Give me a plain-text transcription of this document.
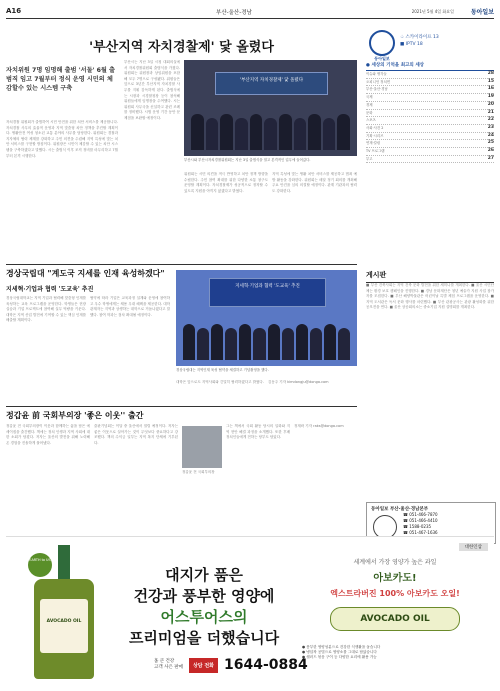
A16	부산-울산-경남	2021년 5월 4일 화요일	동아일보
'부산지역 자치경찰제' 닻 올렸다
자치위원 7명 임명해 출범 '서둘' 6월 출범직 임고 7월부터 정식 운영 시민의 체감할수 있는 시스템 구축
자치경찰 위원회가 출범하여 시민 안전을 위한 치안 서비스를 제공합니다. 자치경찰 사무의 효율적 운영과 지역 맞춤형 치안 정책을 추진할 계획이다. 생활안전 여성 청소년 교통 분야의 사무를 담당한다. 위원회는 경찰과 지자체의 협력 체계를 강화하고 주민 의견을 수렴해 지역 특성에 맞는 치안 서비스를 구현할 방침이다. 위원장은 시민이 체감할 수 있는 치안 시스템을 구축하겠다고 말했다. 시는 출범식 이후 조직 정비를 마무리하고 7월부터 본격 시행한다.
부산시는 지난 3일 시청 대회의실에서 자치경찰위원회 출범식을 가졌다. 위원회는 위원장과 상임위원을 포함해 모두 7명으로 구성됐다. 위원들은 앞으로 3년간 부산지역 자치경찰 사무를 지휘 감독하게 된다. 출범식에는 시장과 시경찰청장 등이 참석해 위원들에게 임명장을 수여했다. 시는 위원회 사무국을 신설하고 관련 조례를 정비했다. 시범 운영 기간 동안 문제점을 보완할 예정이다.
'부산지역 자치경찰제' 닻 올렸다
부산시와 부산시자치경찰위원회는 지난 3일 출범식을 열고 본격적인 업무에 들어갔다.
위원회는 시민 의견을 적극 반영하고 치안 정책 방향을 수립한다. 주민 참여 확대를 위한 다양한 소통 창구도 운영할 계획이다. 자치경찰제가 성공적으로 정착할 수 있도록 지원을 아끼지 않겠다고 밝혔다.
지역 특성에 맞는 생활 치안 서비스를 제공하고 범죄 예방 활동을 강화한다. 위원회는 매달 정기 회의를 개최해 주요 안건을 심의 의결할 예정이다. 관계 기관과의 협력도 강화한다.
경상국립대 "계도국 지세를 인재 육성하겠다"
지세혁·기업과 협력 '도교육' 추진
경상국립대학교는 지역 기업과 협력해 맞춤형 인재를 육성하는 교육 프로그램을 운영한다. 학생들은 현장 실습과 기업 프로젝트에 참여해 실무 역량을 키운다. 대학은 지역 산업 발전에 기여할 수 있는 핵심 인재를 배출할 계획이다.
협약에 따라 기업은 교육과정 설계와 운영에 참여하고 우수 학생에게는 채용 우대 혜택을 제공한다. 대학 관계자는 지역과 상생하는 대학으로 거듭나겠다고 말했다. 참여 학과는 점차 확대될 예정이다.
지세혁·기업과 협력 '도교육' 추진
경상국립대는 지역인재 육성 협약을 체결하고 기념촬영을 했다.
대학은 앞으로도 지역사회와 긴밀히 협력하겠다고 밝혔다. 김동주 기자 kimdongju@donga.com
정갑윤 前 국회부의장 '좋은 이웃'' 출간
정갑윤 전 국회부의장이 이웃과 함께하는 삶을 담은 에세이집을 출간했다. 책에는 정치 인생과 지역 사회에 대한 소회가 담겼다. 저자는 울산의 발전을 위해 노력해 온 경험을 진솔하게 풀어냈다.
출판기념회는 이달 중 울산에서 열릴 예정이다. 저자는 좋은 이웃으로 살아가는 것이 무엇보다 중요하다고 강조했다. 책의 수익금 일부는 지역 복지 단체에 기부된다.
정갑윤 전 국회부의장
그는 책에서 국회 활동 당시의 일화와 지역 현안 해결 과정을 소개했다. 또한 후배 정치인들에게 전하는 당부도 담았다.
정재락 기자 raks@donga.com
동아일보
♤ 스카이라이프 13
■ IPTV 18
● 세상의 기억을 최고의 세상
이슈와 생각들	28
오피니언 정치면	15
부산·울산·경남	16
국제	19
경제	20
문화	21
스포츠	22
사회·사건 2	23
기획·시리즈	24
연재·칼럼	25
TV 프로그램	26
부고	27
게시판
■ 부산 건축사회는 지역 건축 문화 발전을 위한 세미나를 개최한다. ■ 울산 시민단체는 환경 보호 캠페인을 진행한다. ■ 경남 문화재단은 청년 예술가 지원 사업 참가자를 모집한다. ■ 부산 해양박물관은 어린이날 특별 체험 프로그램을 운영한다. ■ 지역 도서관은 독서 문화 행사를 마련했다. ■ 부산 관광공사는 관광 활성화를 위한 공모전을 연다. ■ 울산 상공회의소는 중소기업 지원 설명회를 개최한다.
동아일보 부산·울산·경남본부
☎ 051-466-7870
☎ 051-466-4410
☎ 1588-0235
☎ 051-467-1636
대한인삼
AVOCADO OIL
EARTH to US
대지가 품은
건강과 풍부한 영양에
어스투어스의
프리미엄을 더했습니다
세계에서 가장 영양가 높은 과일
아보카도!
엑스트라버진 100% 아보카도 오일!
AVOCADO OIL
● 풍부한 영양성분으로 건강한 식생활을 돕습니다
● 냉압착 공법으로 영양소를 그대로 담았습니다
● 샐러드 볶음 구이 등 다양한 요리에 활용 가능
홈 큰 건강
고객 사은 판매	상담 전화 1644-0884
